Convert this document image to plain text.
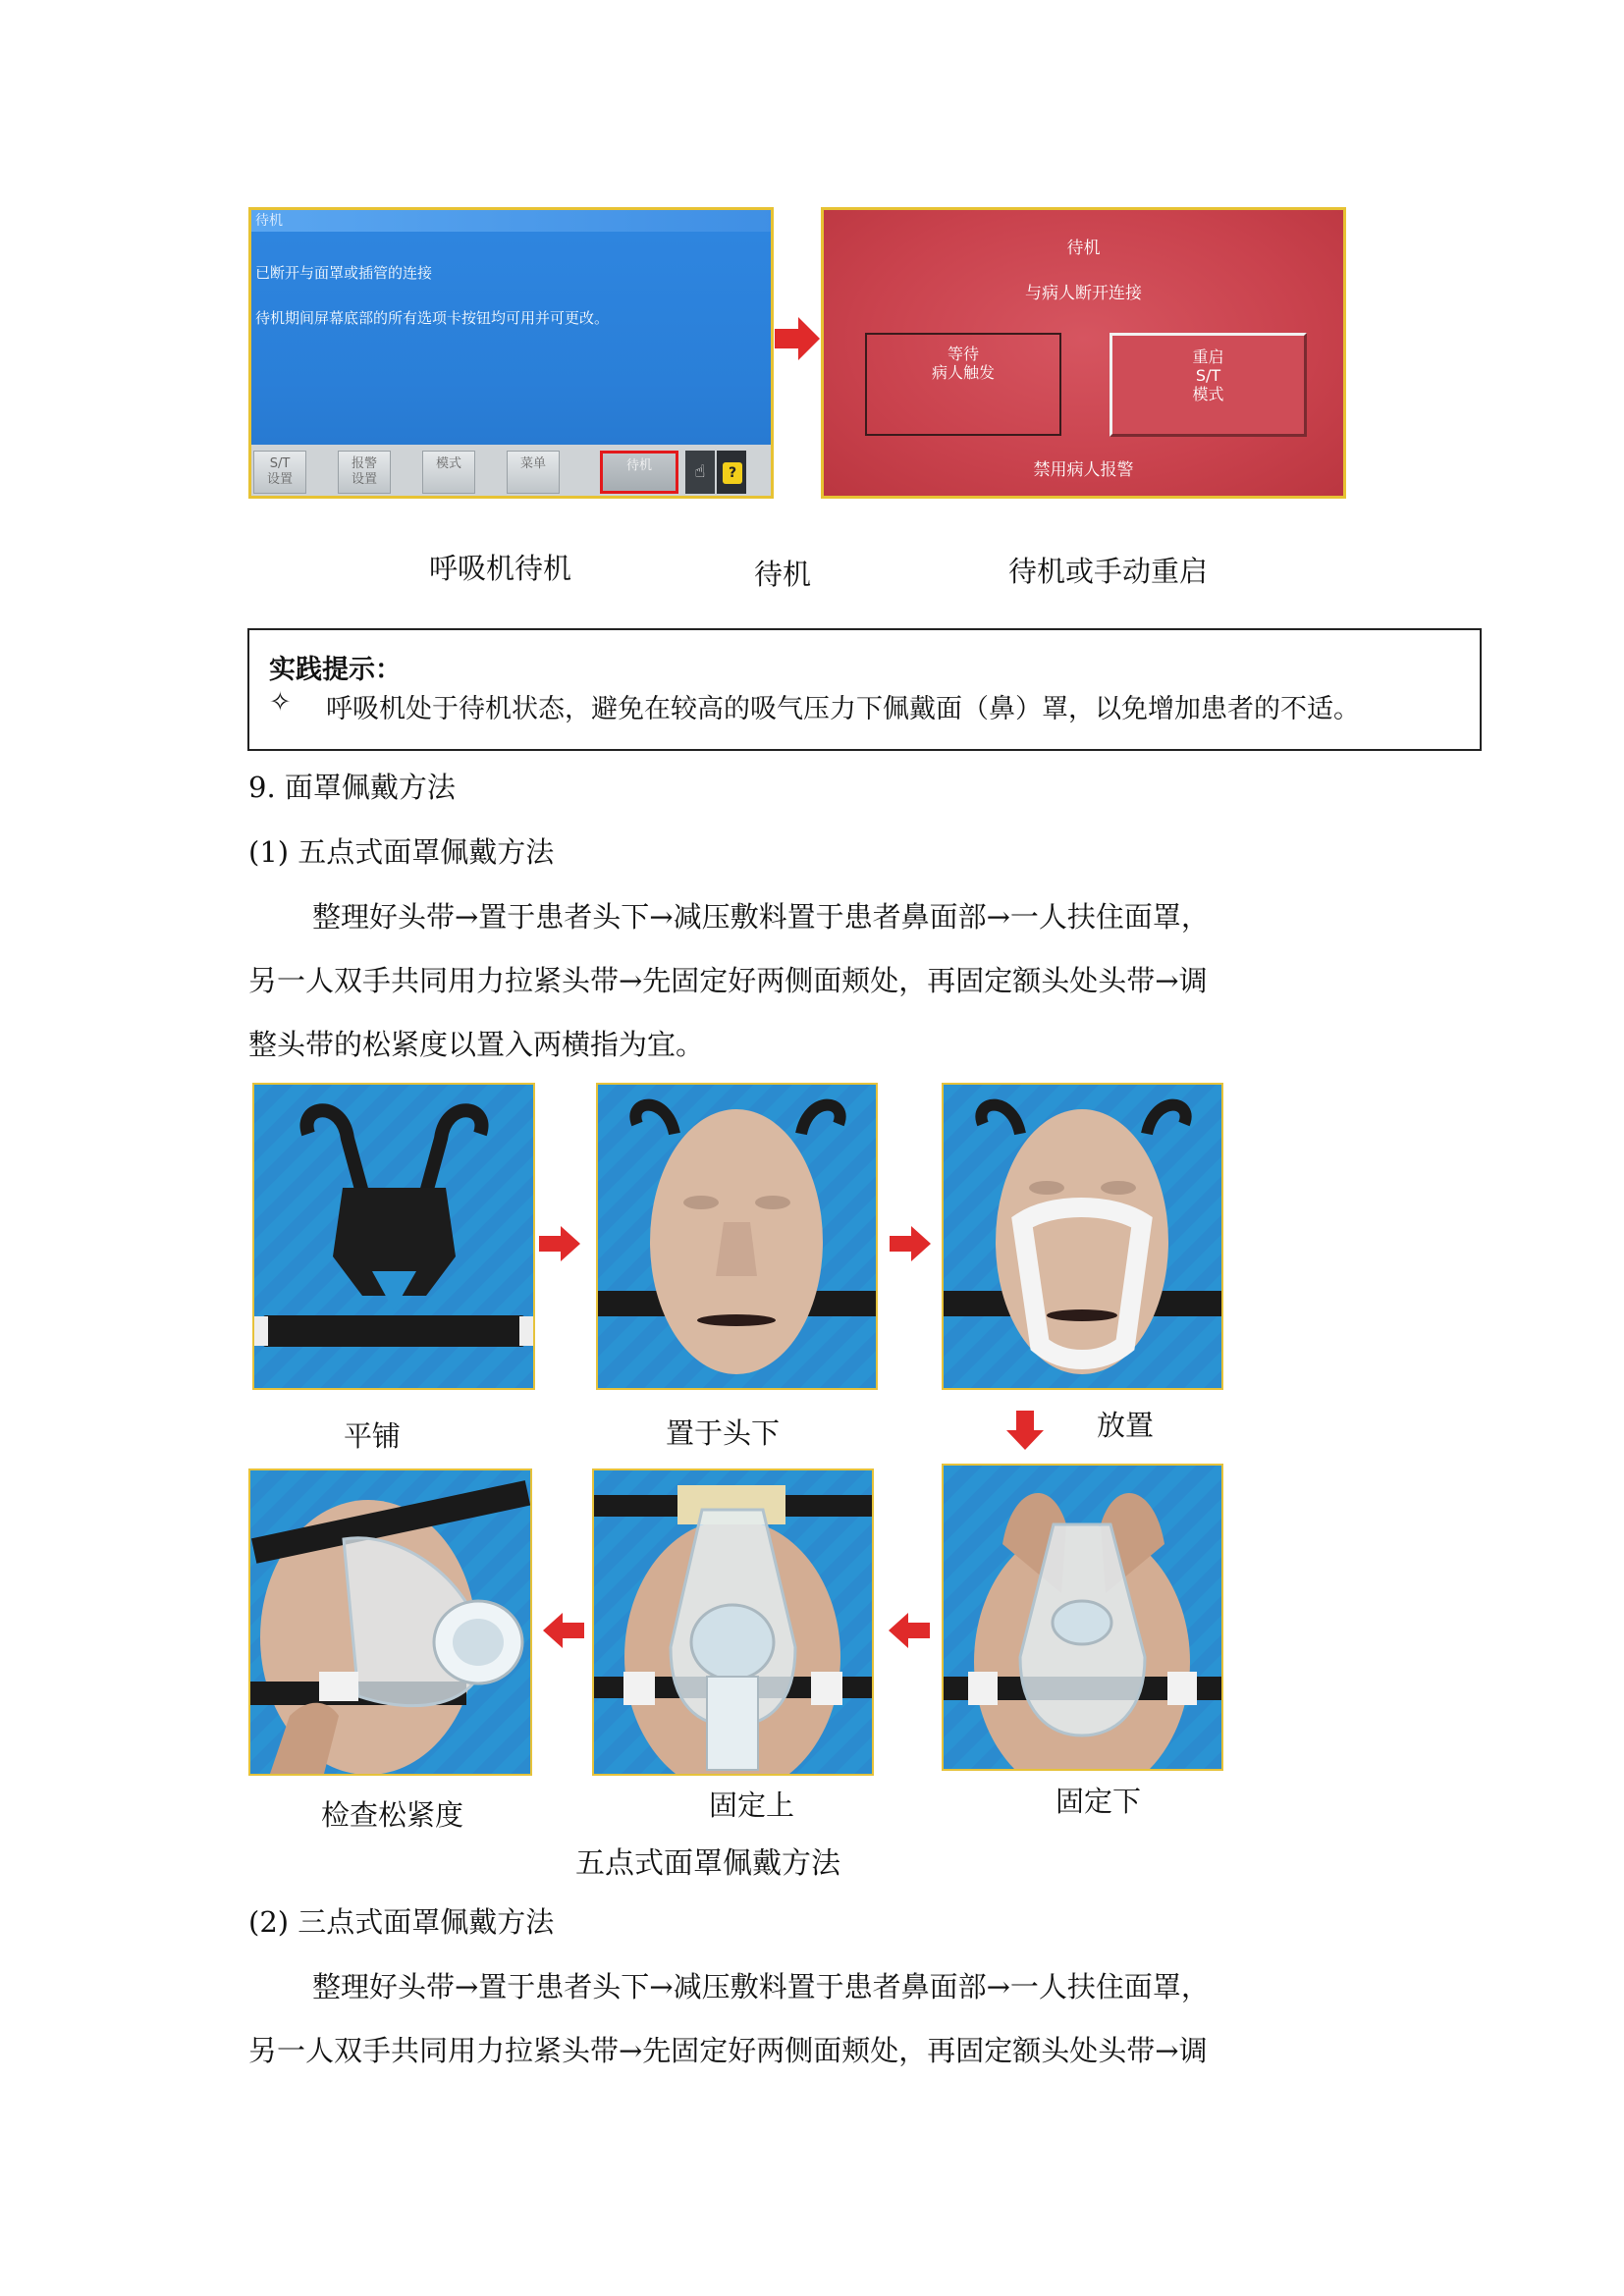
待机
已断开与面罩或插管的连接
待机期间屏幕底部的所有选项卡按钮均可用并可更改。
S/T
设置
报警
设置
模式	菜单	待机	☝	?
待机
与病人断开连接
等待
病人触发
重启
S/T
模式
禁用病人报警
呼吸机待机	待机	待机或手动重启
实践提示：
✧ 呼吸机处于待机状态，避免在较高的吸气压力下佩戴面（鼻）罩，以免增加患者的不适。
9. 面罩佩戴方法
(1) 五点式面罩佩戴方法
整理好头带→置于患者头下→减压敷料置于患者鼻面部→一人扶住面罩，
另一人双手共同用力拉紧头带→先固定好两侧面颊处，再固定额头处头带→调
整头带的松紧度以置入两横指为宜。
平铺	置于头下	放置
检查松紧度	固定上	固定下
五点式面罩佩戴方法
(2) 三点式面罩佩戴方法
整理好头带→置于患者头下→减压敷料置于患者鼻面部→一人扶住面罩，
另一人双手共同用力拉紧头带→先固定好两侧面颊处，再固定额头处头带→调
